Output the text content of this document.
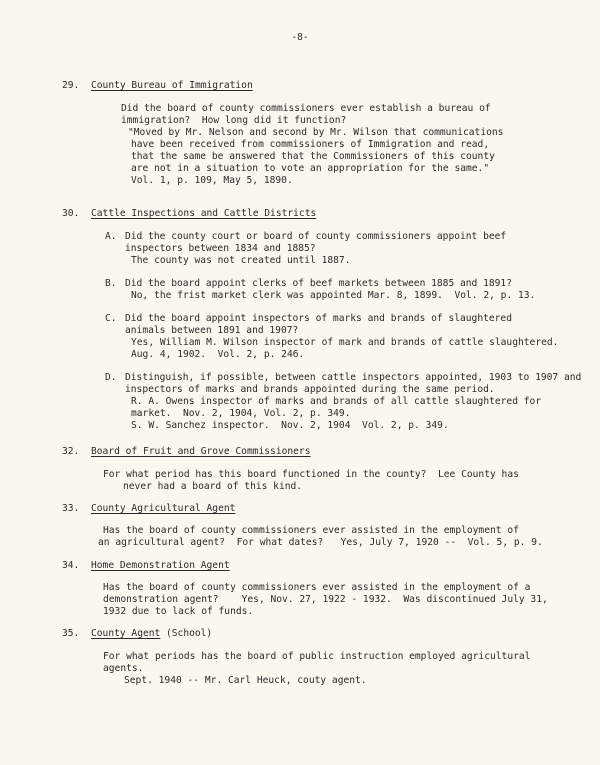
-8-
29. County Bureau of Immigration
Did the board of county commissioners ever establish a bureau of
immigration?  How long did it function?
"Moved by Mr. Nelson and second by Mr. Wilson that communications
have been received from commissioners of Immigration and read,
that the same be answered that the Commissioners of this county
are not in a situation to vote an appropriation for the same."
Vol. 1, p. 109, May 5, 1890.
30. Cattle Inspections and Cattle Districts
A. Did the county court or board of county commissioners appoint beef
inspectors between 1834 and 1885?
The county was not created until 1887.
B. Did the board appoint clerks of beef markets between 1885 and 1891?
No, the frist market clerk was appointed Mar. 8, 1899.  Vol. 2, p. 13.
C. Did the board appoint inspectors of marks and brands of slaughtered
animals between 1891 and 1907?
Yes, William M. Wilson inspector of mark and brands of cattle slaughtered.
Aug. 4, 1902.  Vol. 2, p. 246.
D. Distinguish, if possible, between cattle inspectors appointed, 1903 to 1907 and
inspectors of marks and brands appointed during the same period.
R. A. Owens inspector of marks and brands of all cattle slaughtered for
market.  Nov. 2, 1904, Vol. 2, p. 349.
S. W. Sanchez inspector.  Nov. 2, 1904  Vol. 2, p. 349.
32. Board of Fruit and Grove Commissioners
For what period has this board functioned in the county?  Lee County has
never had a board of this kind.
33. County Agricultural Agent
Has the board of county commissioners ever assisted in the employment of
an agricultural agent?  For what dates?   Yes, July 7, 1920 --  Vol. 5, p. 9.
34. Home Demonstration Agent
Has the board of county commissioners ever assisted in the employment of a
demonstration agent?    Yes, Nov. 27, 1922 - 1932.  Was discontinued July 31,
1932 due to lack of funds.
35. County Agent (School)
For what periods has the board of public instruction employed agricultural
agents.
Sept. 1940 -- Mr. Carl Heuck, couty agent.
